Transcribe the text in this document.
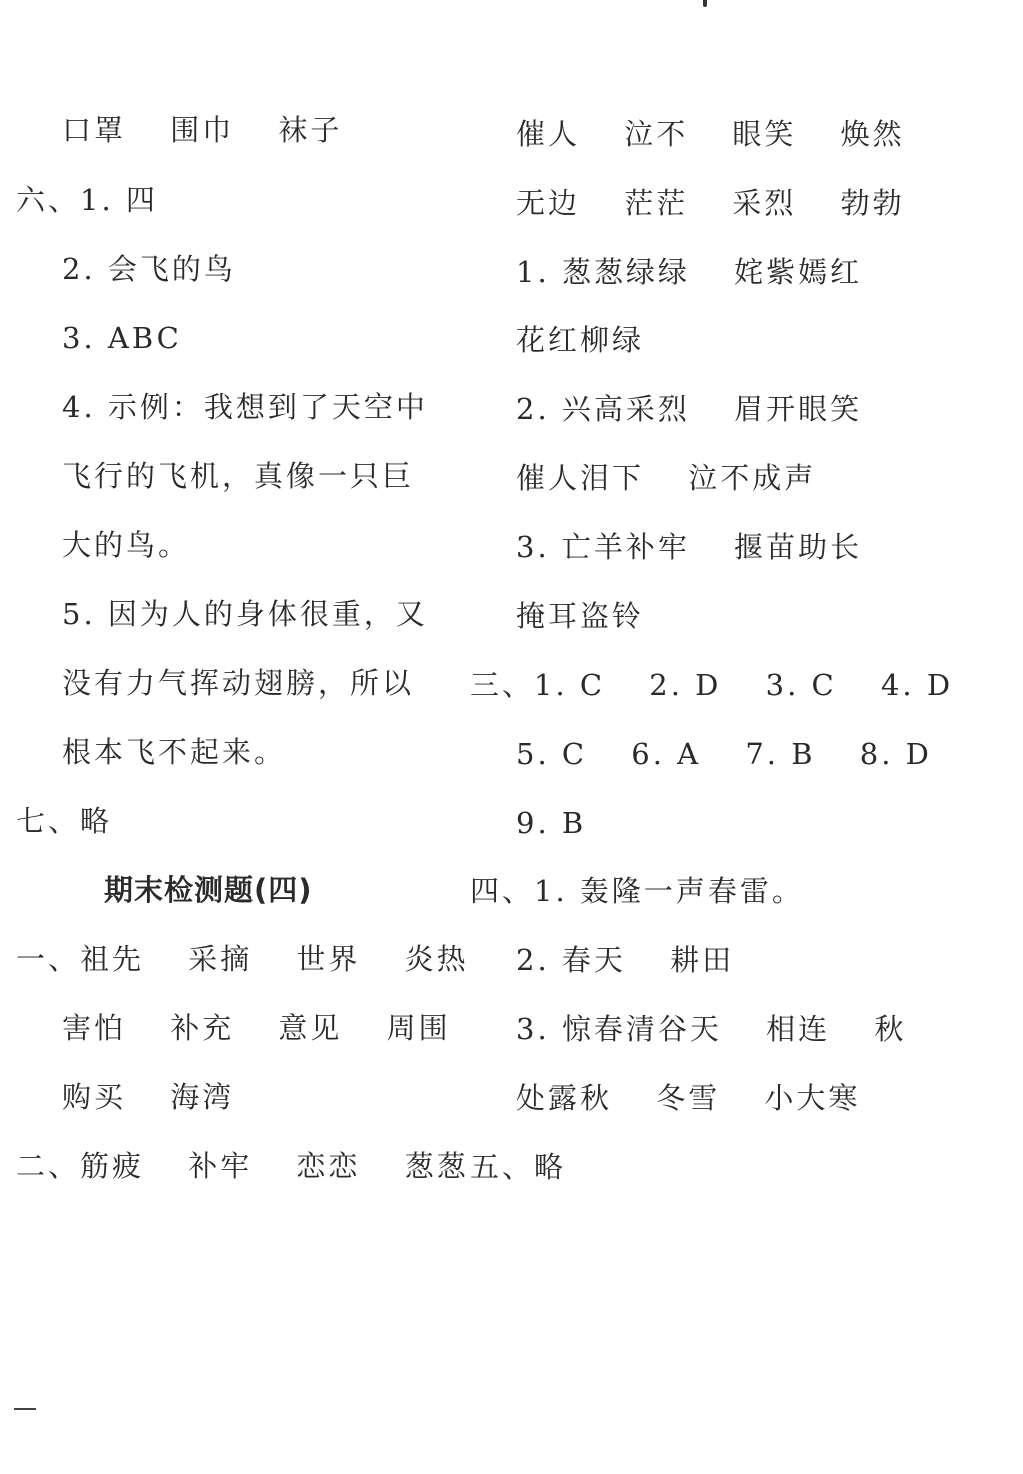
口罩　 围巾　 袜子
六、1. 四
2. 会飞的鸟
3. ABC
4. 示例：我想到了天空中
飞行的飞机，真像一只巨
大的鸟。
5. 因为人的身体很重，又
没有力气挥动翅膀，所以
根本飞不起来。
七、略
期末检测题(四)
一、祖先　 采摘　 世界　 炎热
害怕　 补充　 意见　 周围
购买　 海湾
二、筋疲　 补牢　 恋恋　 葱葱
催人　 泣不　 眼笑　 焕然
无边　 茫茫　 采烈　 勃勃
1. 葱葱绿绿　 姹紫嫣红
花红柳绿
2. 兴高采烈　 眉开眼笑
催人泪下　 泣不成声
3. 亡羊补牢　 揠苗助长
掩耳盗铃
三、1. C　 2. D　 3. C　 4. D
5. C　 6. A　 7. B　 8. D
9. B
四、1. 轰隆一声春雷。
2. 春天　 耕田
3. 惊春清谷天　 相连　 秋
处露秋　 冬雪　 小大寒
五、略
